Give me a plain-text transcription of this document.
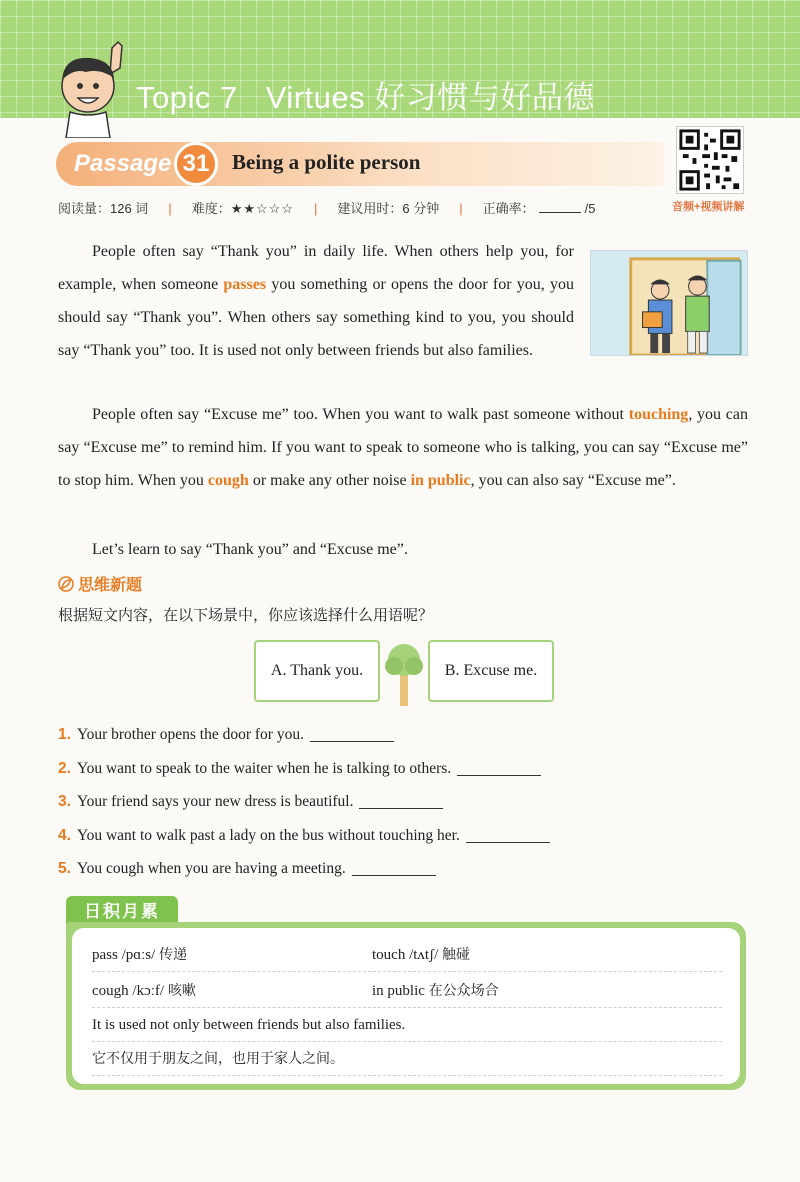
Topic 7 Virtues 好习惯与好品德
Passage 31	Being a polite person
音频+视频讲解
阅读量：126 词 | 难度：★★☆☆☆ | 建议用时：6 分钟 | 正确率：	/5
People often say “Thank you” in daily life. When others help you, for example, when someone passes you something or opens the door for you, you should say “Thank you”. When others say something kind to you, you should say “Thank you” too. It is used not only between friends but also families.
People often say “Excuse me” too. When you want to walk past someone without touching, you can say “Excuse me” to remind him. If you want to speak to someone who is talking, you can say “Excuse me” to stop him. When you cough or make any other noise in public, you can also say “Excuse me”.
Let’s learn to say “Thank you” and “Excuse me”.
思维新题
根据短文内容，在以下场景中，你应该选择什么用语呢？
A. Thank you.	B. Excuse me.
1. Your brother opens the door for you.
2. You want to speak to the waiter when he is talking to others.
3. Your friend says your new dress is beautiful.
4. You want to walk past a lady on the bus without touching her.
5. You cough when you are having a meeting.
日积月累
pass /pɑːs/ 传递	touch /tʌtʃ/ 触碰
cough /kɔːf/ 咳嗽	in public 在公众场合
It is used not only between friends but also families.
它不仅用于朋友之间，也用于家人之间。
